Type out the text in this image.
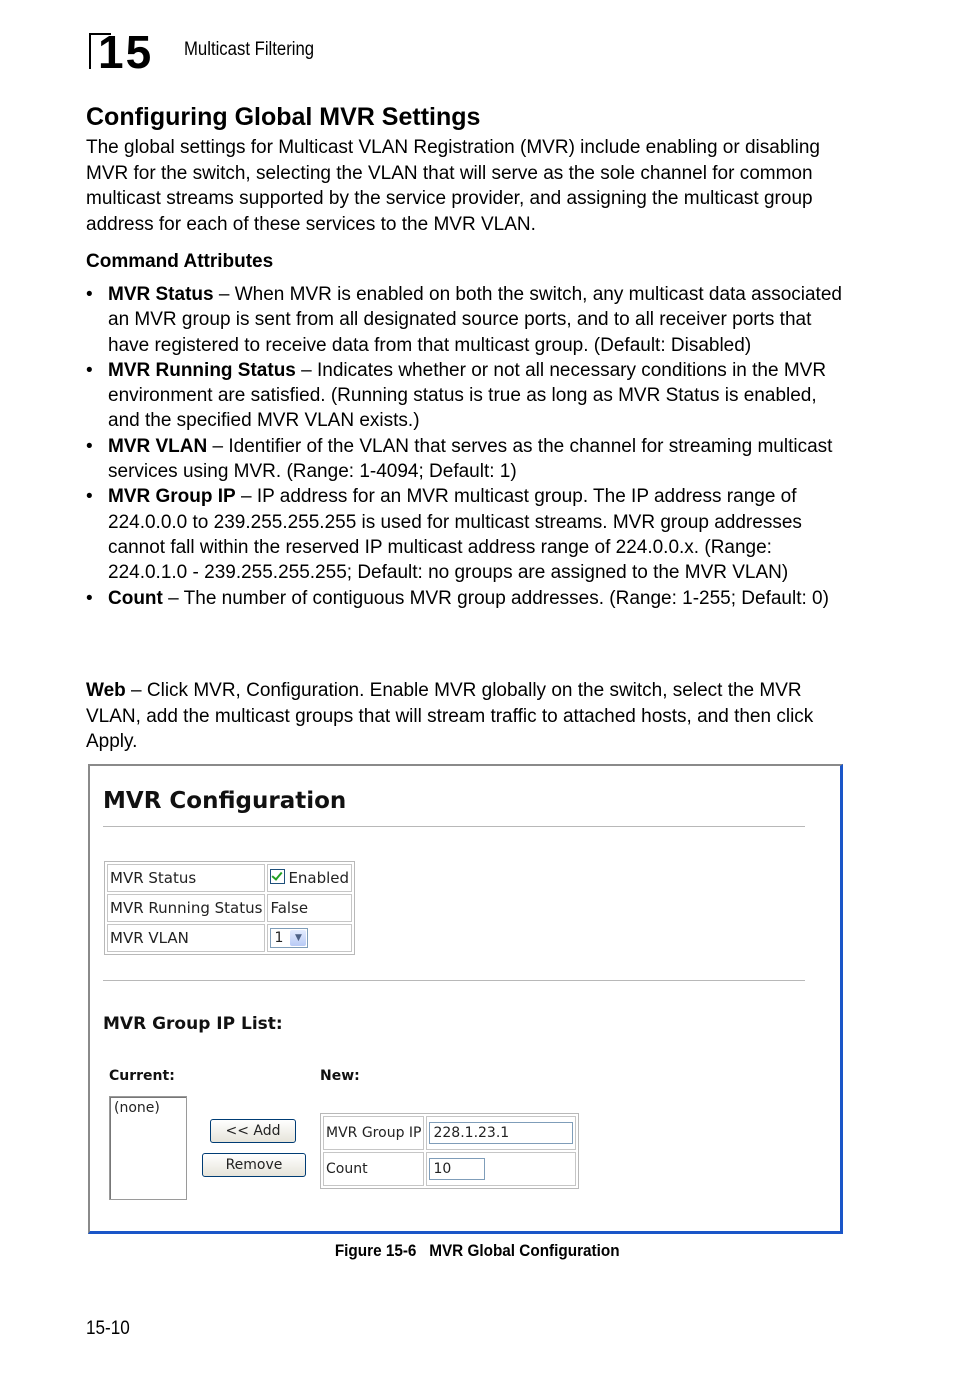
15 Multicast Filtering
Configuring Global MVR Settings

The global settings for Multicast VLAN Registration (MVR) include enabling or disabling MVR for the switch, selecting the VLAN that will serve as the sole channel for common multicast streams supported by the service provider, and assigning the multicast group address for each of these services to the MVR VLAN.

Command Attributes
• MVR Status – When MVR is enabled on both the switch, any multicast data associated an MVR group is sent from all designated source ports, and to all receiver ports that have registered to receive data from that multicast group. (Default: Disabled)
• MVR Running Status – Indicates whether or not all necessary conditions in the MVR environment are satisfied. (Running status is true as long as MVR Status is enabled, and the specified MVR VLAN exists.)
• MVR VLAN – Identifier of the VLAN that serves as the channel for streaming multicast services using MVR. (Range: 1-4094; Default: 1)
• MVR Group IP – IP address for an MVR multicast group. The IP address range of 224.0.0.0 to 239.255.255.255 is used for multicast streams. MVR group addresses cannot fall within the reserved IP multicast address range of 224.0.0.x. (Range: 224.0.1.0 - 239.255.255.255; Default: no groups are assigned to the MVR VLAN)
• Count – The number of contiguous MVR group addresses. (Range: 1-255; Default: 0)

Web – Click MVR, Configuration. Enable MVR globally on the switch, select the MVR VLAN, add the multicast groups that will stream traffic to attached hosts, and then click Apply.

MVR Configuration
MVR Status	Enabled
MVR Running Status	False
MVR VLAN	1 ▼
MVR Group IP List:
Current:	New:
(none)
<< Add
Remove
MVR Group IP	228.1.23.1
Count	10
Figure 15-6   MVR Global Configuration
15-10
